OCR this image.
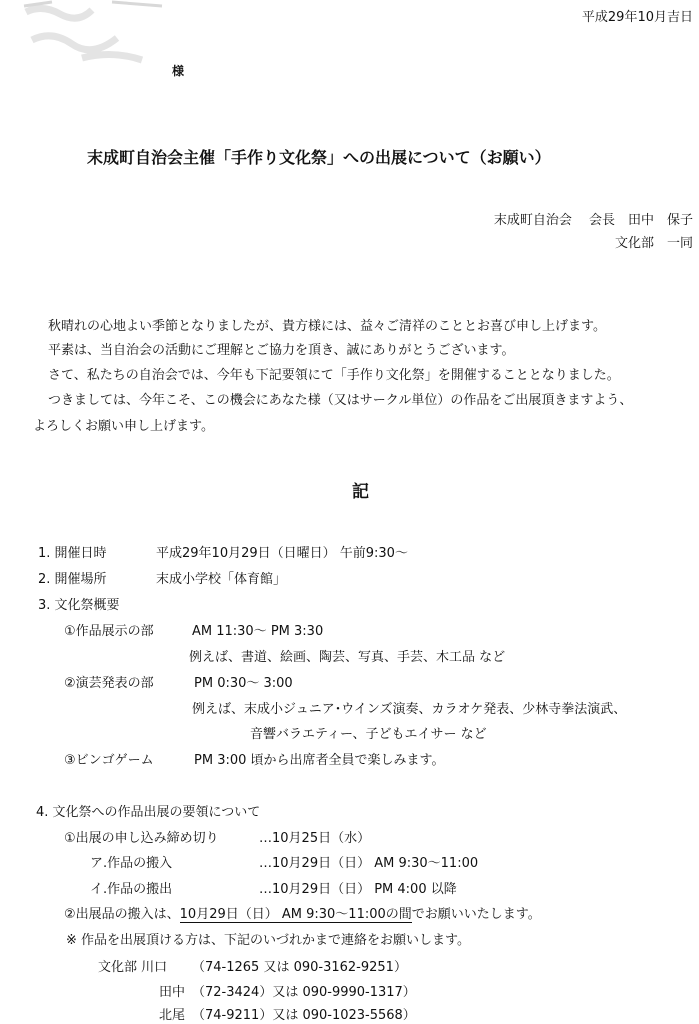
平成29年10月吉日
様
末成町自治会主催「手作り文化祭」への出展について（お願い）
末成町自治会　 会長　田中　保子
文化部　一同
秋晴れの心地よい季節となりましたが、貴方様には、益々ご清祥のこととお喜び申し上げます。
平素は、当自治会の活動にご理解とご協力を頂き、誠にありがとうございます。
さて、私たちの自治会では、今年も下記要領にて「手作り文化祭」を開催することとなりました。
つきましては、今年こそ、この機会にあなた様（又はサークル単位）の作品をご出展頂きますよう、
よろしくお願い申し上げます。
記
1. 開催日時	平成29年10月29日（日曜日） 午前9:30～
2. 開催場所	末成小学校「体育館」
3. 文化祭概要
①作品展示の部	AM 11:30～ PM 3:30
例えば、書道、絵画、陶芸、写真、手芸、木工品 など
②演芸発表の部	PM 0:30～ 3:00
例えば、末成小ジュニア･ウインズ演奏、カラオケ発表、少林寺拳法演武、
音響バラエティー、子どもエイサー など
③ビンゴゲーム	PM 3:00 頃から出席者全員で楽しみます。
4. 文化祭への作品出展の要領について
①出展の申し込み締め切り	…10月25日（水）
ア.作品の搬入	…10月29日（日） AM 9:30～11:00
イ.作品の搬出	…10月29日（日） PM 4:00 以降
②出展品の搬入は、10月29日（日） AM 9:30～11:00の間でお願いいたします。
※ 作品を出展頂ける方は、下記のいづれかまで連絡をお願いします。
文化部 川口 （74-1265 又は 090-3162-9251）
田中 （72-3424）又は 090-9990-1317）
北尾 （74-9211）又は 090-1023-5568）
